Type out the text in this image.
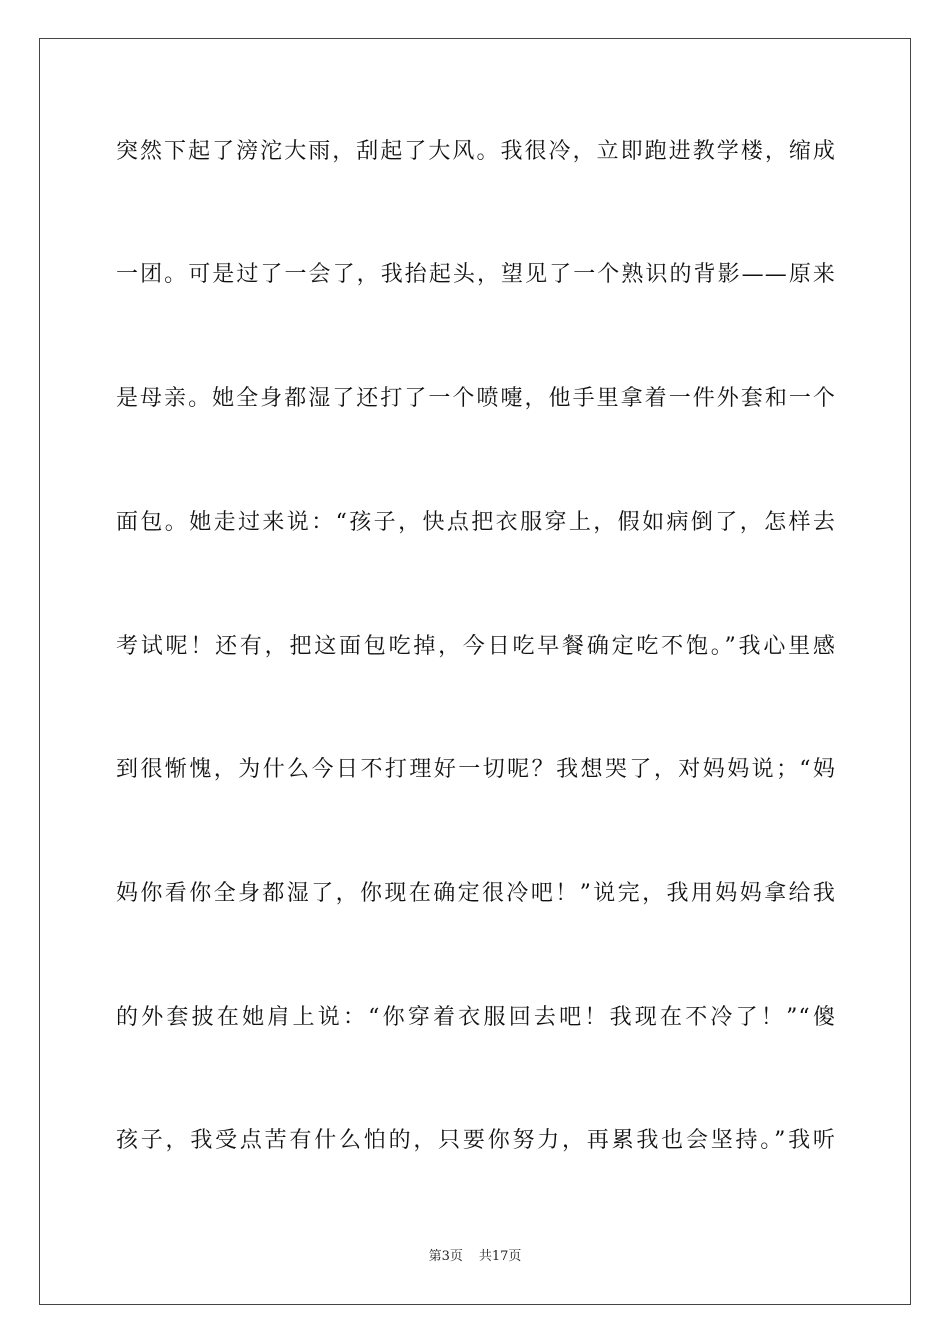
突然下起了滂沱大雨，刮起了大风。我很冷，立即跑进教学楼，缩成
一团。可是过了一会了，我抬起头，望见了一个熟识的背影——原来
是母亲。她全身都湿了还打了一个喷嚏，他手里拿着一件外套和一个
面包。她走过来说：“孩子，快点把衣服穿上，假如病倒了，怎样去
考试呢！还有，把这面包吃掉，今日吃早餐确定吃不饱。”我心里感
到很惭愧，为什么今日不打理好一切呢？我想哭了，对妈妈说；“妈
妈你看你全身都湿了，你现在确定很冷吧！”说完，我用妈妈拿给我
的外套披在她肩上说：“你穿着衣服回去吧！我现在不冷了！”“傻
孩子，我受点苦有什么怕的，只要你努力，再累我也会坚持。”我听
第3页 共17页
